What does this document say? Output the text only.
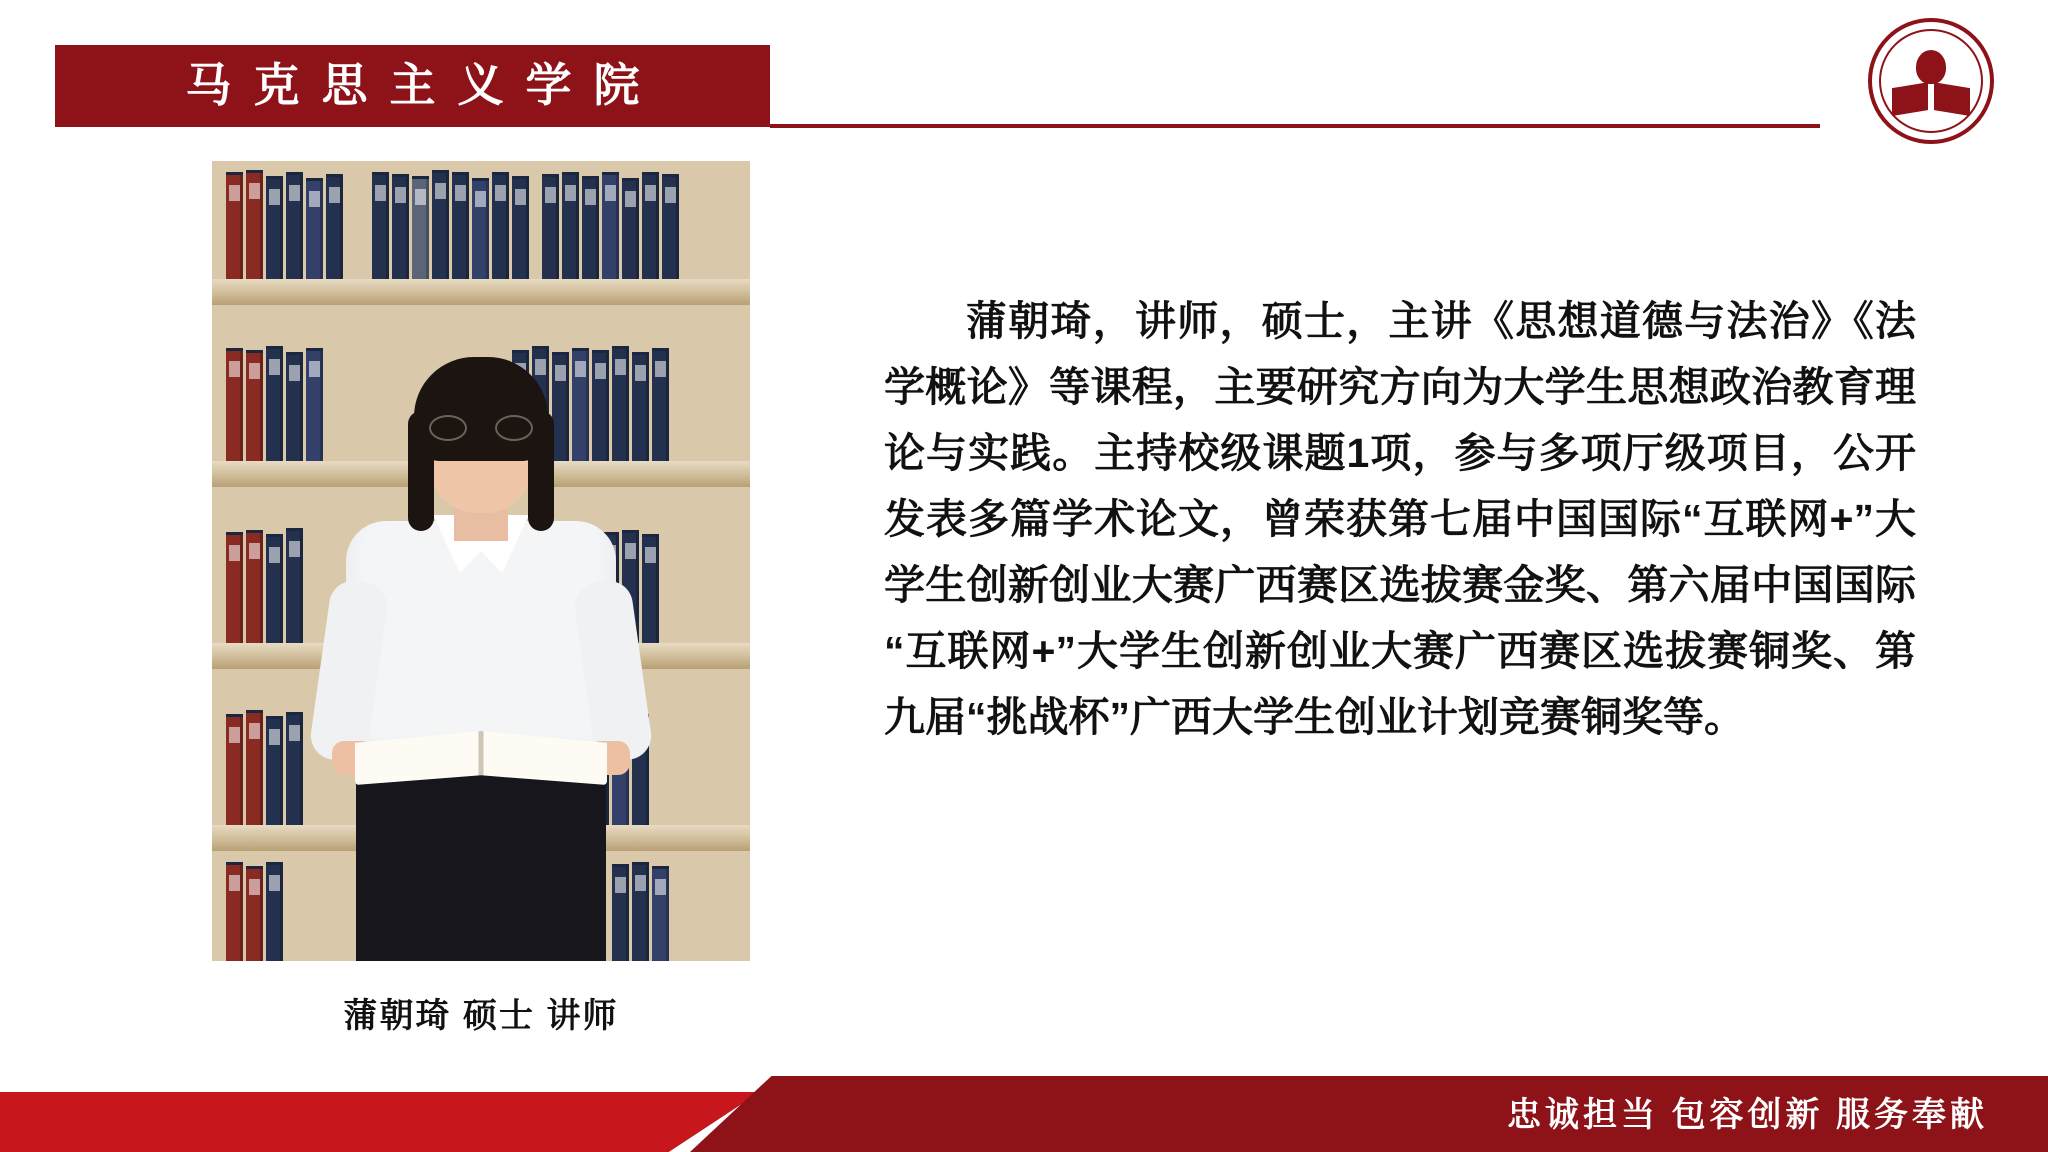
马克思主义学院
蒲朝琦 硕士 讲师
蒲朝琦，讲师，硕士，主讲《思想道德与法治》《法学概论》等课程，主要研究方向为大学生思想政治教育理论与实践。主持校级课题1项，参与多项厅级项目，公开发表多篇学术论文，曾荣获第七届中国国际“互联网+”大学生创新创业大赛广西赛区选拔赛金奖、第六届中国国际“互联网+”大学生创新创业大赛广西赛区选拔赛铜奖、第九届“挑战杯”广西大学生创业计划竞赛铜奖等。
忠诚担当 包容创新 服务奉献
